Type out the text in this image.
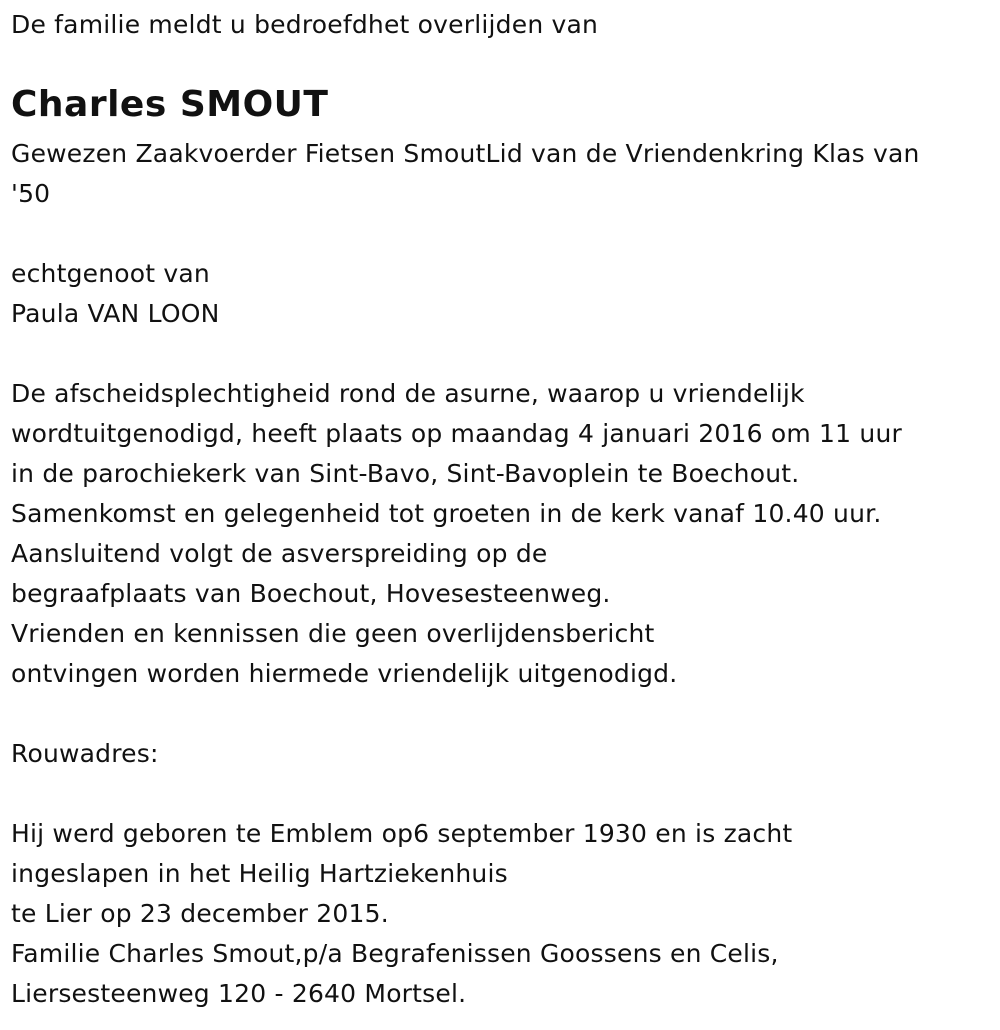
De familie meldt u bedroefdhet overlijden van
Charles SMOUT
Gewezen Zaakvoerder Fietsen SmoutLid van de Vriendenkring Klas van
'50
echtgenoot van
Paula VAN LOON
De afscheidsplechtigheid rond de asurne, waarop u vriendelijk
wordtuitgenodigd, heeft plaats op maandag 4 januari 2016 om 11 uur
in de parochiekerk van Sint-Bavo, Sint-Bavoplein te Boechout.
Samenkomst en gelegenheid tot groeten in de kerk vanaf 10.40 uur.
Aansluitend volgt de asverspreiding op de
begraafplaats van Boechout, Hovesesteenweg.
Vrienden en kennissen die geen overlijdensbericht
ontvingen worden hiermede vriendelijk uitgenodigd.
Rouwadres:
Hij werd geboren te Emblem op6 september 1930 en is zacht
ingeslapen in het Heilig Hartziekenhuis
te Lier op 23 december 2015.
Familie Charles Smout,p/a Begrafenissen Goossens en Celis,
Liersesteenweg 120 - 2640 Mortsel.
